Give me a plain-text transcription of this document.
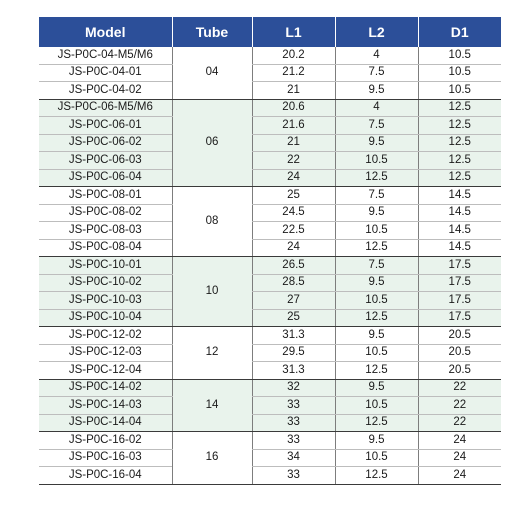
Model	Tube	L1	L2	D1
JS-P0C-04-M5/M6	04	20.2	4	10.5
JS-P0C-04-01		21.2	7.5	10.5
JS-P0C-04-02		21	9.5	10.5
JS-P0C-06-M5/M6	06	20.6	4	12.5
JS-P0C-06-01		21.6	7.5	12.5
JS-P0C-06-02		21	9.5	12.5
JS-P0C-06-03		22	10.5	12.5
JS-P0C-06-04		24	12.5	12.5
JS-P0C-08-01	08	25	7.5	14.5
JS-P0C-08-02		24.5	9.5	14.5
JS-P0C-08-03		22.5	10.5	14.5
JS-P0C-08-04		24	12.5	14.5
JS-P0C-10-01	10	26.5	7.5	17.5
JS-P0C-10-02		28.5	9.5	17.5
JS-P0C-10-03		27	10.5	17.5
JS-P0C-10-04		25	12.5	17.5
JS-P0C-12-02	12	31.3	9.5	20.5
JS-P0C-12-03		29.5	10.5	20.5
JS-P0C-12-04		31.3	12.5	20.5
JS-P0C-14-02	14	32	9.5	22
JS-P0C-14-03		33	10.5	22
JS-P0C-14-04		33	12.5	22
JS-P0C-16-02	16	33	9.5	24
JS-P0C-16-03		34	10.5	24
JS-P0C-16-04		33	12.5	24
